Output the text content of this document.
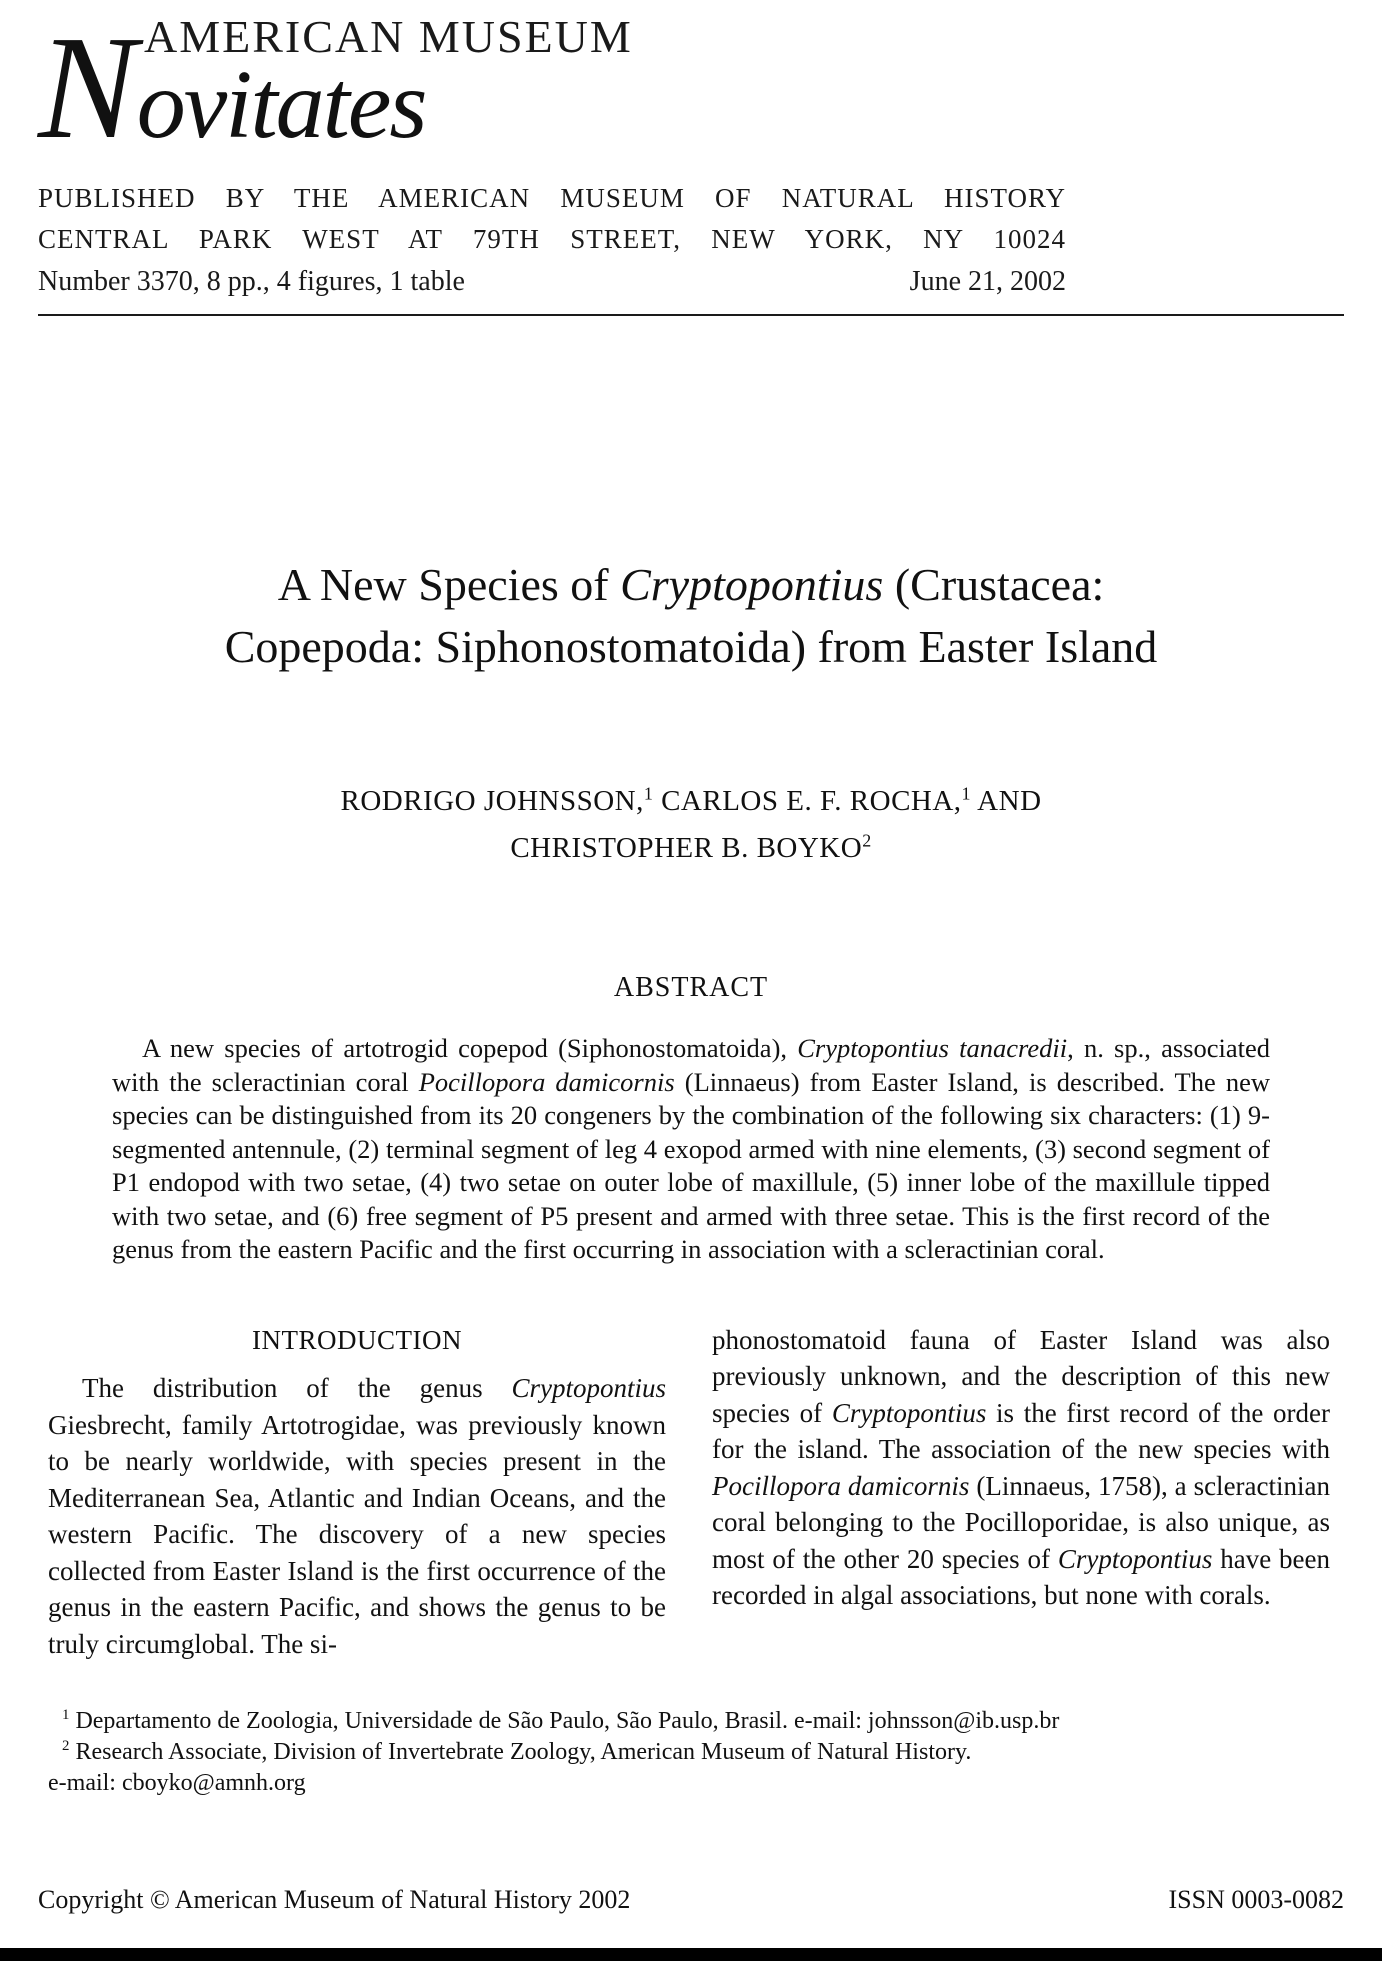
AMERICAN MUSEUM
Novitates
PUBLISHED BY THE AMERICAN MUSEUM OF NATURAL HISTORY
CENTRAL PARK WEST AT 79TH STREET, NEW YORK, NY 10024
Number 3370, 8 pp., 4 figures, 1 table	June 21, 2002
A New Species of Cryptopontius (Crustacea:
Copepoda: Siphonostomatoida) from Easter Island
RODRIGO JOHNSSON,$^1$ CARLOS E. F. ROCHA,$^1$ AND
CHRISTOPHER B. BOYKO$^2$
ABSTRACT

A new species of artotrogid copepod (Siphonostomatoida), Cryptopontius tanacredii, n. sp., associated with the scleractinian coral Pocillopora damicornis (Linnaeus) from Easter Island, is described. The new species can be distinguished from its 20 congeners by the combination of the following six characters: (1) 9-segmented antennule, (2) terminal segment of leg 4 exopod armed with nine elements, (3) second segment of P1 endopod with two setae, (4) two setae on outer lobe of maxillule, (5) inner lobe of the maxillule tipped with two setae, and (6) free segment of P5 present and armed with three setae. This is the first record of the genus from the eastern Pacific and the first occurring in association with a scleractinian coral.

INTRODUCTION

The distribution of the genus Cryptopontius Giesbrecht, family Artotrogidae, was previously known to be nearly worldwide, with species present in the Mediterranean Sea, Atlantic and Indian Oceans, and the western Pacific. The discovery of a new species collected from Easter Island is the first occurrence of the genus in the eastern Pacific, and shows the genus to be truly circumglobal. The si-

phonostomatoid fauna of Easter Island was also previously unknown, and the description of this new species of Cryptopontius is the first record of the order for the island. The association of the new species with Pocillopora damicornis (Linnaeus, 1758), a scleractinian coral belonging to the Pocilloporidae, is also unique, as most of the other 20 species of Cryptopontius have been recorded in algal associations, but none with corals.

$^1$ Departamento de Zoologia, Universidade de São Paulo, São Paulo, Brasil. e-mail: johnsson@ib.usp.br
$^2$ Research Associate, Division of Invertebrate Zoology, American Museum of Natural History.
e-mail: cboyko@amnh.org
Copyright © American Museum of Natural History 2002	ISSN 0003-0082
